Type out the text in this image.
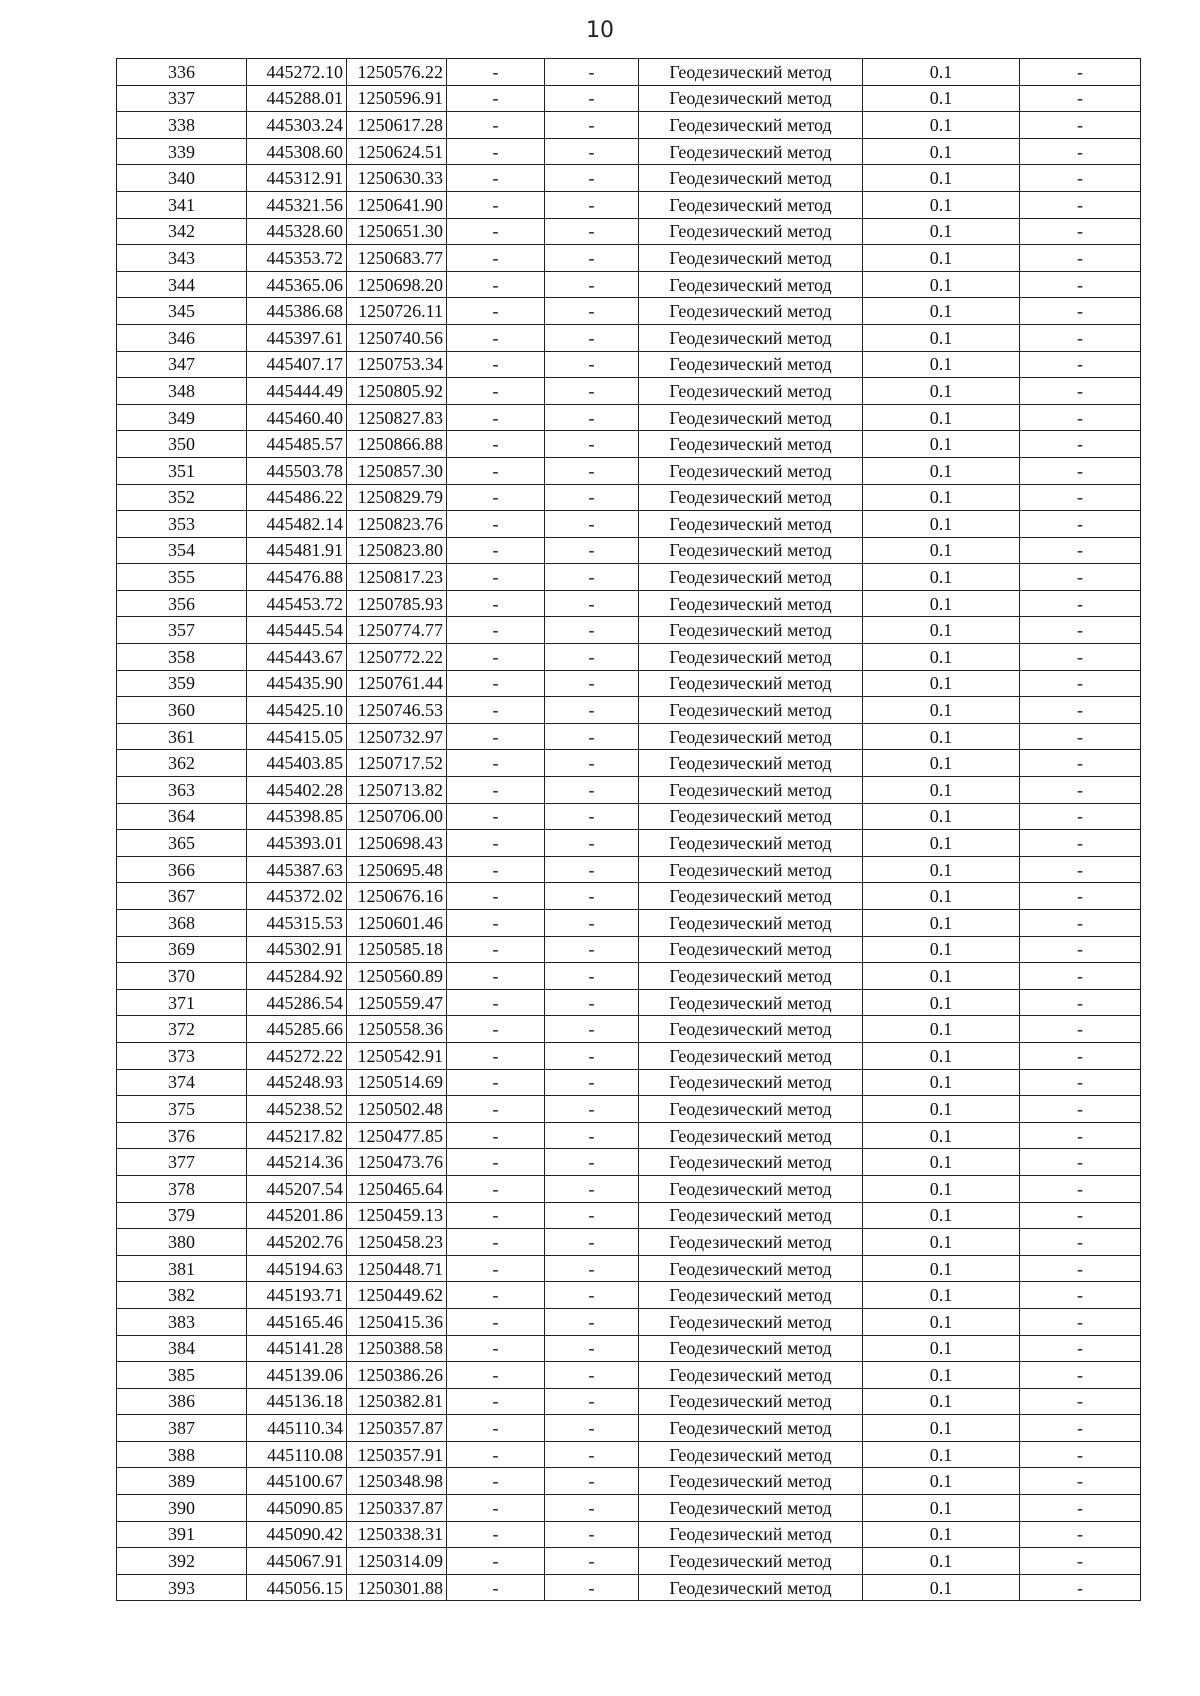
10
336	445272.10	1250576.22	-	-	Геодезический метод	0.1	-
337	445288.01	1250596.91	-	-	Геодезический метод	0.1	-
338	445303.24	1250617.28	-	-	Геодезический метод	0.1	-
339	445308.60	1250624.51	-	-	Геодезический метод	0.1	-
340	445312.91	1250630.33	-	-	Геодезический метод	0.1	-
341	445321.56	1250641.90	-	-	Геодезический метод	0.1	-
342	445328.60	1250651.30	-	-	Геодезический метод	0.1	-
343	445353.72	1250683.77	-	-	Геодезический метод	0.1	-
344	445365.06	1250698.20	-	-	Геодезический метод	0.1	-
345	445386.68	1250726.11	-	-	Геодезический метод	0.1	-
346	445397.61	1250740.56	-	-	Геодезический метод	0.1	-
347	445407.17	1250753.34	-	-	Геодезический метод	0.1	-
348	445444.49	1250805.92	-	-	Геодезический метод	0.1	-
349	445460.40	1250827.83	-	-	Геодезический метод	0.1	-
350	445485.57	1250866.88	-	-	Геодезический метод	0.1	-
351	445503.78	1250857.30	-	-	Геодезический метод	0.1	-
352	445486.22	1250829.79	-	-	Геодезический метод	0.1	-
353	445482.14	1250823.76	-	-	Геодезический метод	0.1	-
354	445481.91	1250823.80	-	-	Геодезический метод	0.1	-
355	445476.88	1250817.23	-	-	Геодезический метод	0.1	-
356	445453.72	1250785.93	-	-	Геодезический метод	0.1	-
357	445445.54	1250774.77	-	-	Геодезический метод	0.1	-
358	445443.67	1250772.22	-	-	Геодезический метод	0.1	-
359	445435.90	1250761.44	-	-	Геодезический метод	0.1	-
360	445425.10	1250746.53	-	-	Геодезический метод	0.1	-
361	445415.05	1250732.97	-	-	Геодезический метод	0.1	-
362	445403.85	1250717.52	-	-	Геодезический метод	0.1	-
363	445402.28	1250713.82	-	-	Геодезический метод	0.1	-
364	445398.85	1250706.00	-	-	Геодезический метод	0.1	-
365	445393.01	1250698.43	-	-	Геодезический метод	0.1	-
366	445387.63	1250695.48	-	-	Геодезический метод	0.1	-
367	445372.02	1250676.16	-	-	Геодезический метод	0.1	-
368	445315.53	1250601.46	-	-	Геодезический метод	0.1	-
369	445302.91	1250585.18	-	-	Геодезический метод	0.1	-
370	445284.92	1250560.89	-	-	Геодезический метод	0.1	-
371	445286.54	1250559.47	-	-	Геодезический метод	0.1	-
372	445285.66	1250558.36	-	-	Геодезический метод	0.1	-
373	445272.22	1250542.91	-	-	Геодезический метод	0.1	-
374	445248.93	1250514.69	-	-	Геодезический метод	0.1	-
375	445238.52	1250502.48	-	-	Геодезический метод	0.1	-
376	445217.82	1250477.85	-	-	Геодезический метод	0.1	-
377	445214.36	1250473.76	-	-	Геодезический метод	0.1	-
378	445207.54	1250465.64	-	-	Геодезический метод	0.1	-
379	445201.86	1250459.13	-	-	Геодезический метод	0.1	-
380	445202.76	1250458.23	-	-	Геодезический метод	0.1	-
381	445194.63	1250448.71	-	-	Геодезический метод	0.1	-
382	445193.71	1250449.62	-	-	Геодезический метод	0.1	-
383	445165.46	1250415.36	-	-	Геодезический метод	0.1	-
384	445141.28	1250388.58	-	-	Геодезический метод	0.1	-
385	445139.06	1250386.26	-	-	Геодезический метод	0.1	-
386	445136.18	1250382.81	-	-	Геодезический метод	0.1	-
387	445110.34	1250357.87	-	-	Геодезический метод	0.1	-
388	445110.08	1250357.91	-	-	Геодезический метод	0.1	-
389	445100.67	1250348.98	-	-	Геодезический метод	0.1	-
390	445090.85	1250337.87	-	-	Геодезический метод	0.1	-
391	445090.42	1250338.31	-	-	Геодезический метод	0.1	-
392	445067.91	1250314.09	-	-	Геодезический метод	0.1	-
393	445056.15	1250301.88	-	-	Геодезический метод	0.1	-
